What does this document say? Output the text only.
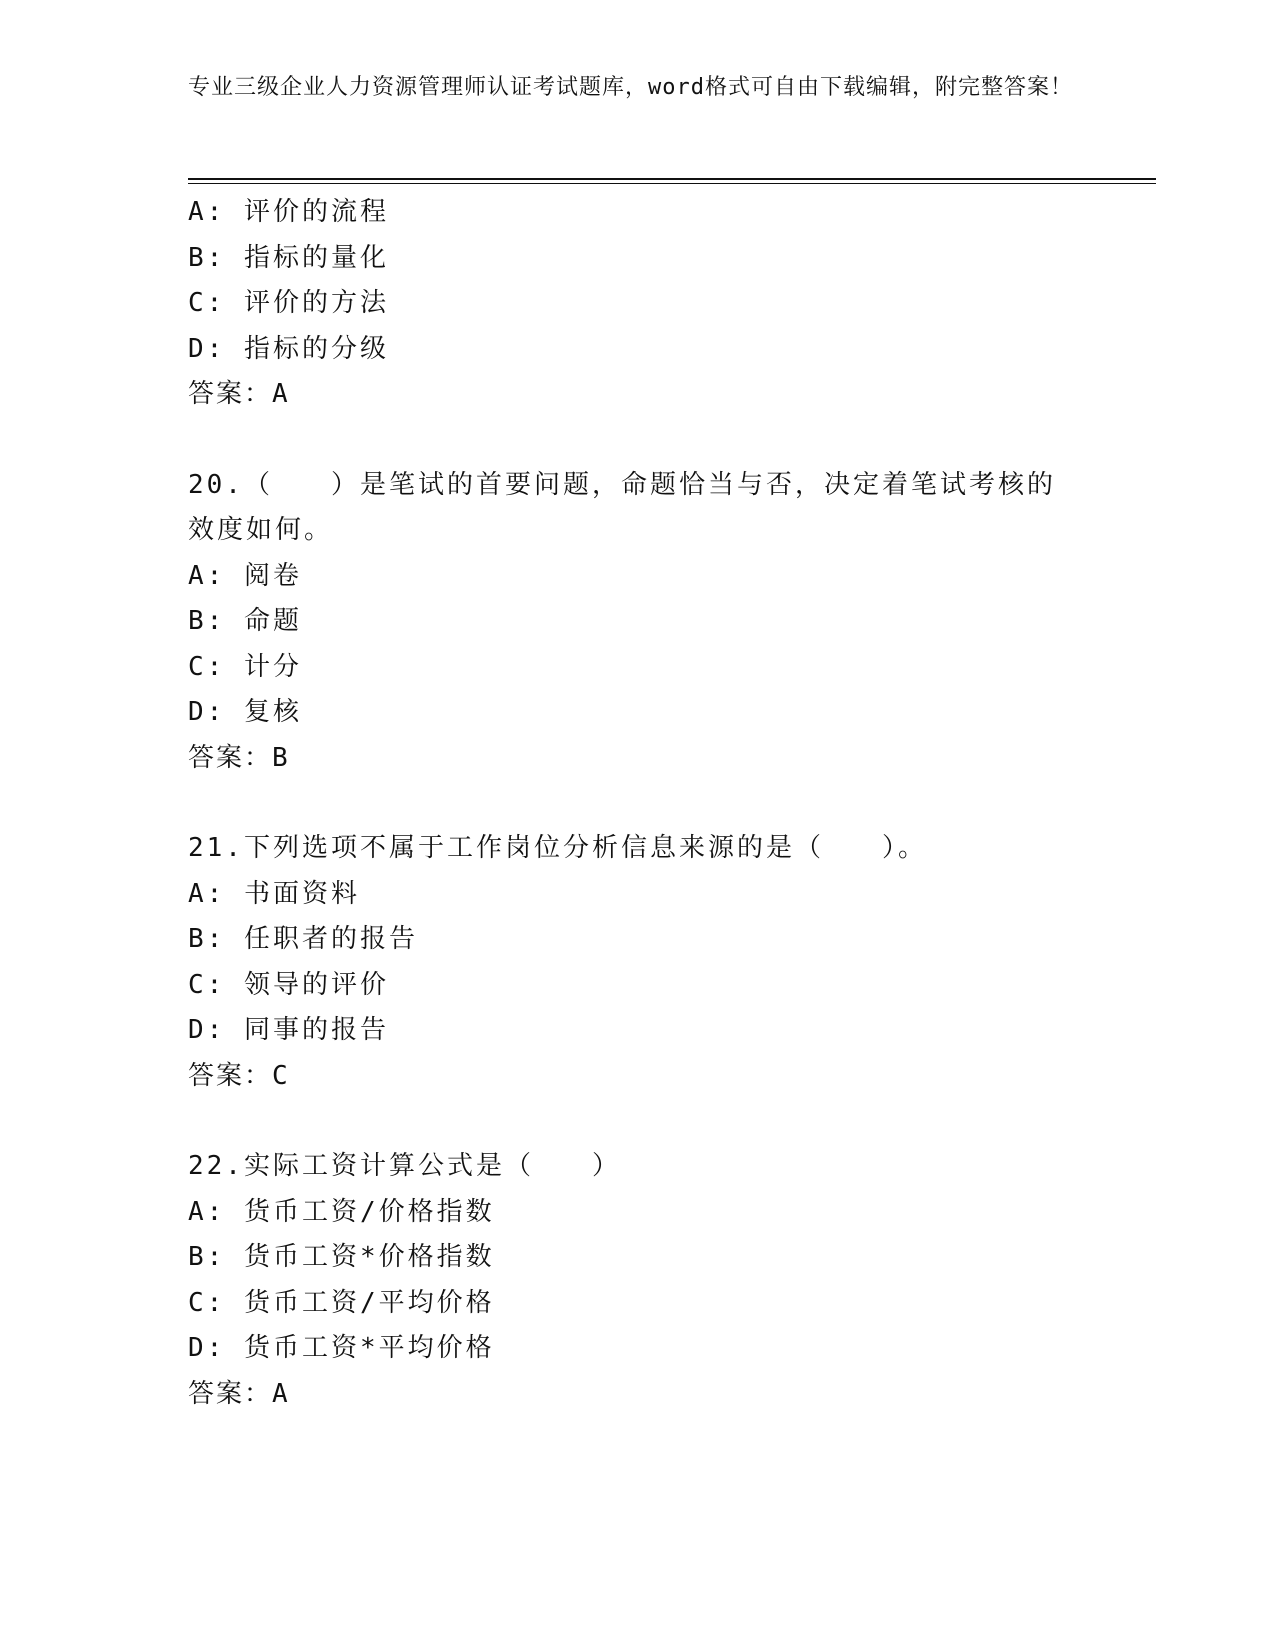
专业三级企业人力资源管理师认证考试题库，word格式可自由下载编辑，附完整答案！
A: 评价的流程
B: 指标的量化
C: 评价的方法
D: 指标的分级
答案：A
20.（　　）是笔试的首要问题，命题恰当与否，决定着笔试考核的效度如何。
A: 阅卷
B: 命题
C: 计分
D: 复核
答案：B
21.下列选项不属于工作岗位分析信息来源的是（　　）。
A: 书面资料
B: 任职者的报告
C: 领导的评价
D: 同事的报告
答案：C
22.实际工资计算公式是（　　）
A: 货币工资/价格指数
B: 货币工资*价格指数
C: 货币工资/平均价格
D: 货币工资*平均价格
答案：A
